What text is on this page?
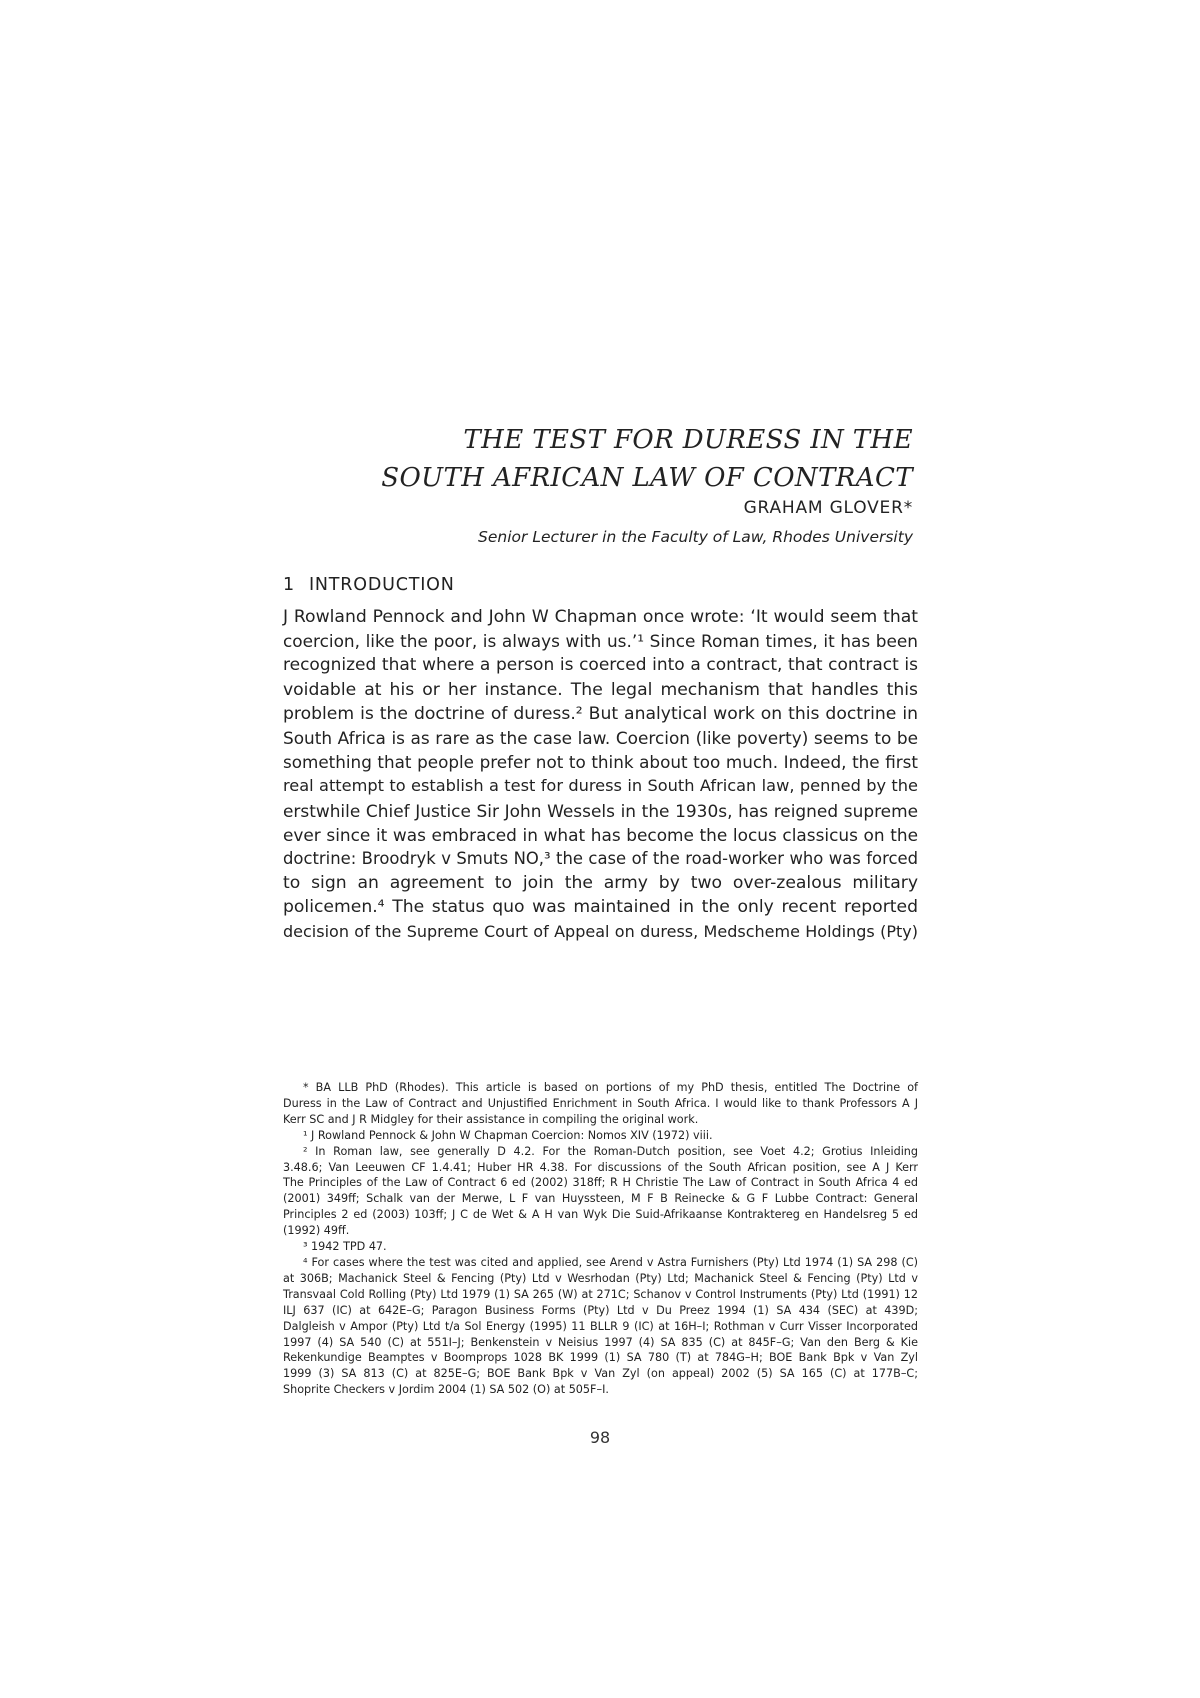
THE TEST FOR DURESS IN THE
SOUTH AFRICAN LAW OF CONTRACT
GRAHAM GLOVER*
Senior Lecturer in the Faculty of Law, Rhodes University
1 INTRODUCTION
J Rowland Pennock and John W Chapman once wrote: ‘It would seem that
coercion, like the poor, is always with us.’¹ Since Roman times, it has been
recognized that where a person is coerced into a contract, that contract is
voidable at his or her instance. The legal mechanism that handles this
problem is the doctrine of duress.² But analytical work on this doctrine in
South Africa is as rare as the case law. Coercion (like poverty) seems to be
something that people prefer not to think about too much. Indeed, the first
real attempt to establish a test for duress in South African law, penned by the
erstwhile Chief Justice Sir John Wessels in the 1930s, has reigned supreme
ever since it was embraced in what has become the locus classicus on the
doctrine: Broodryk v Smuts NO,³ the case of the road-worker who was forced
to sign an agreement to join the army by two over-zealous military
policemen.⁴ The status quo was maintained in the only recent reported
decision of the Supreme Court of Appeal on duress, Medscheme Holdings (Pty)
* BA LLB PhD (Rhodes). This article is based on portions of my PhD thesis, entitled The Doctrine of
Duress in the Law of Contract and Unjustified Enrichment in South Africa. I would like to thank Professors A J
Kerr SC and J R Midgley for their assistance in compiling the original work.
¹ J Rowland Pennock & John W Chapman Coercion: Nomos XIV (1972) viii.
² In Roman law, see generally D 4.2. For the Roman-Dutch position, see Voet 4.2; Grotius Inleiding
3.48.6; Van Leeuwen CF 1.4.41; Huber HR 4.38. For discussions of the South African position, see A J Kerr
The Principles of the Law of Contract 6 ed (2002) 318ff; R H Christie The Law of Contract in South Africa 4 ed
(2001) 349ff; Schalk van der Merwe, L F van Huyssteen, M F B Reinecke & G F Lubbe Contract: General
Principles 2 ed (2003) 103ff; J C de Wet & A H van Wyk Die Suid-Afrikaanse Kontraktereg en Handelsreg 5 ed
(1992) 49ff.
³ 1942 TPD 47.
⁴ For cases where the test was cited and applied, see Arend v Astra Furnishers (Pty) Ltd 1974 (1) SA 298 (C)
at 306B; Machanick Steel & Fencing (Pty) Ltd v Wesrhodan (Pty) Ltd; Machanick Steel & Fencing (Pty) Ltd v
Transvaal Cold Rolling (Pty) Ltd 1979 (1) SA 265 (W) at 271C; Schanov v Control Instruments (Pty) Ltd (1991) 12
ILJ 637 (IC) at 642E–G; Paragon Business Forms (Pty) Ltd v Du Preez 1994 (1) SA 434 (SEC) at 439D;
Dalgleish v Ampor (Pty) Ltd t/a Sol Energy (1995) 11 BLLR 9 (IC) at 16H–I; Rothman v Curr Visser Incorporated
1997 (4) SA 540 (C) at 551I–J; Benkenstein v Neisius 1997 (4) SA 835 (C) at 845F–G; Van den Berg & Kie
Rekenkundige Beamptes v Boomprops 1028 BK 1999 (1) SA 780 (T) at 784G–H; BOE Bank Bpk v Van Zyl
1999 (3) SA 813 (C) at 825E–G; BOE Bank Bpk v Van Zyl (on appeal) 2002 (5) SA 165 (C) at 177B–C;
Shoprite Checkers v Jordim 2004 (1) SA 502 (O) at 505F–I.
98
